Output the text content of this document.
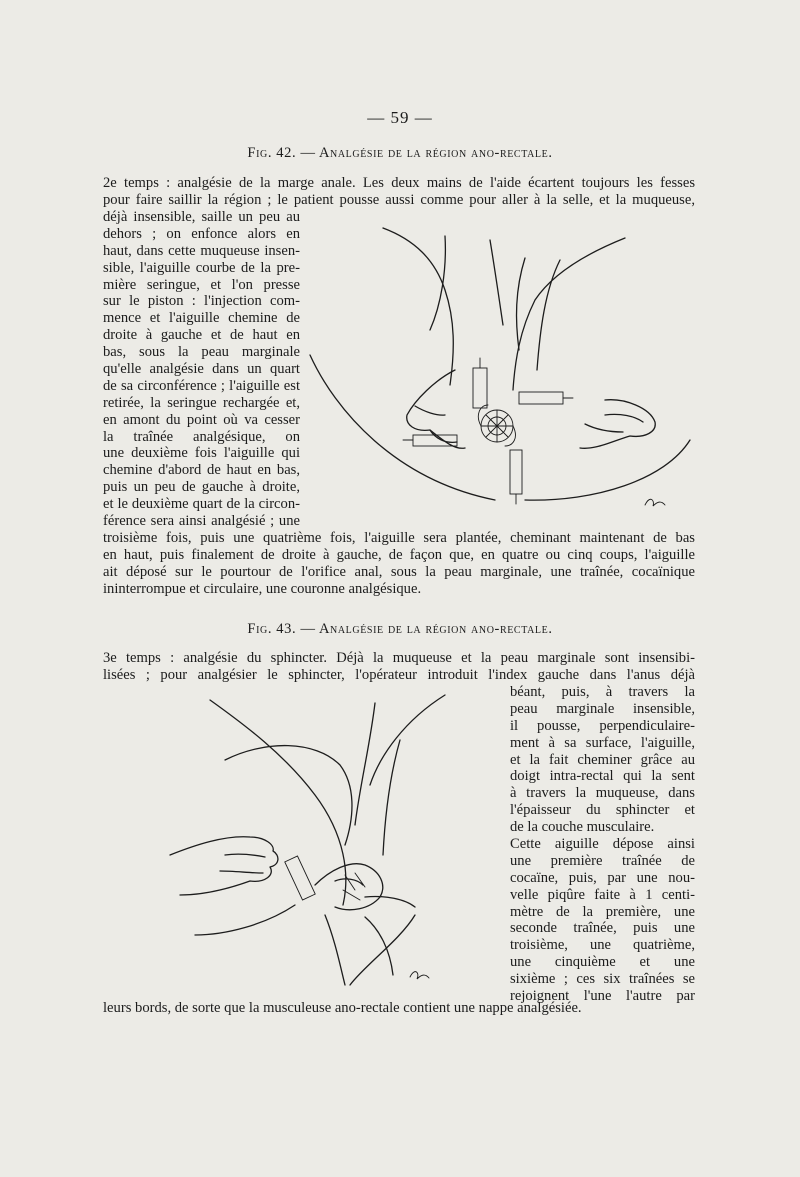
— 59 —
Fig. 42. — Analgésie de la région ano-rectale.
2e temps : analgésie de la marge anale. Les deux mains de l'aide écartent toujours les fesses
pour faire saillir la région ; le patient pousse aussi comme pour aller à la selle, et la muqueuse,
déjà insensible, saille un peu au
dehors ; on enfonce alors en
haut, dans cette muqueuse insen-
sible, l'aiguille courbe de la pre-
mière seringue, et l'on presse
sur le piston : l'injection com-
mence et l'aiguille chemine de
droite à gauche et de haut en
bas, sous la peau marginale
qu'elle analgésie dans un quart
de sa circonférence ; l'aiguille est
retirée, la seringue rechargée et,
en amont du point où va cesser
la traînée analgésique, on
une deuxième fois l'aiguille qui
chemine d'abord de haut en bas,
puis un peu de gauche à droite,
et le deuxième quart de la circon-
férence sera ainsi analgésié ; une
troisième fois, puis une quatrième fois, l'aiguille sera plantée, cheminant maintenant de bas
en haut, puis finalement de droite à gauche, de façon que, en quatre ou cinq coups, l'aiguille
ait déposé sur le pourtour de l'orifice anal, sous la peau marginale, une traînée, cocaïnique
ininterrompue et circulaire, une couronne analgésique.
Fig. 43. — Analgésie de la région ano-rectale.
3e temps : analgésie du sphincter. Déjà la muqueuse et la peau marginale sont insensibi-
lisées ; pour analgésier le sphincter, l'opérateur introduit l'index gauche dans l'anus déjà
béant, puis, à travers la
peau marginale insensible,
il pousse, perpendiculaire-
ment à sa surface, l'aiguille,
et la fait cheminer grâce au
doigt intra-rectal qui la sent
à travers la muqueuse, dans
l'épaisseur du sphincter et
de la couche musculaire.
Cette aiguille dépose ainsi
une première traînée de
cocaïne, puis, par une nou-
velle piqûre faite à 1 centi-
mètre de la première, une
seconde traînée, puis une
troisième, une quatrième,
une cinquième et une
sixième ; ces six traînées se
rejoignent l'une l'autre par
leurs bords, de sorte que la musculeuse ano-rectale contient une nappe analgésiée.
